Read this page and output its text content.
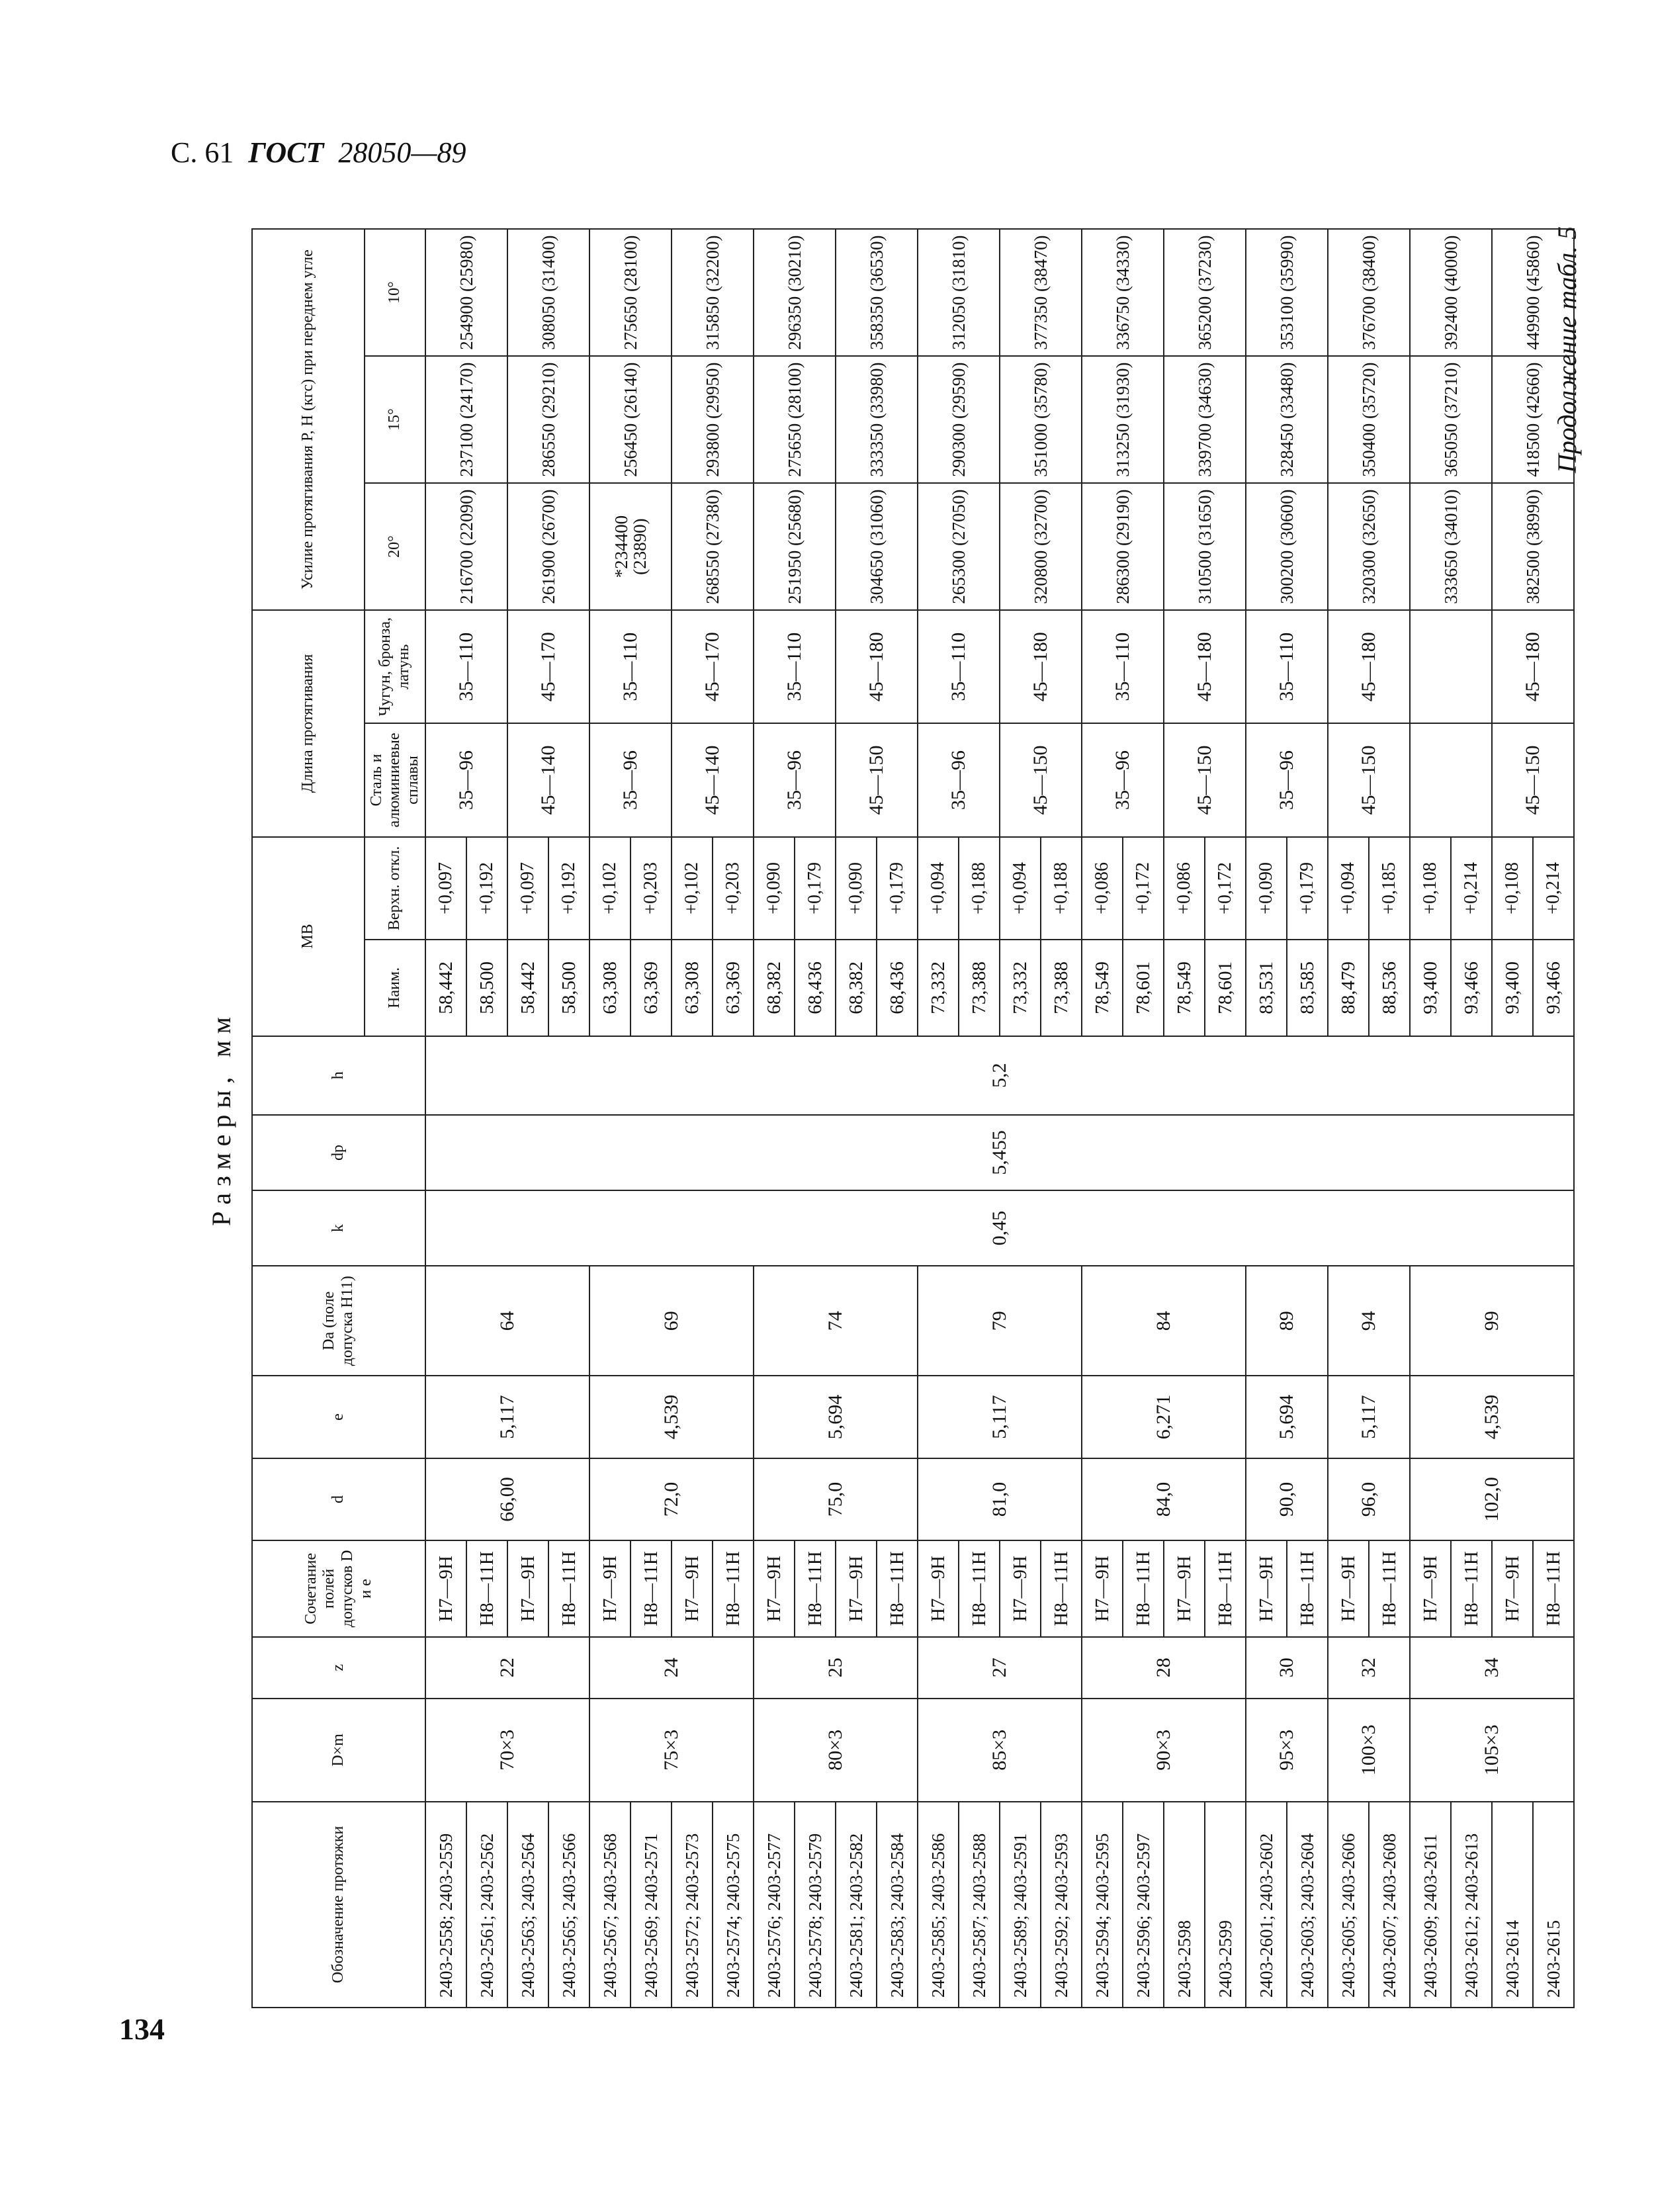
С. 61 ГОСТ 28050—89
Продолжение табл. 5
134
Размеры, мм
Обозначение протяжки	D×m	z	Сочетание полей допусков D и e	d	e	Da (поле допуска H11)	k	dp	h	MB		Длина протягивания		Усилие протягивания P, Н (кгс) при переднем угле		
										Наим.	Верхн. откл.	Сталь и алюминиевые сплавы	Чугун, бронза, латунь	20°	15°	10°
2403-2558; 2403-2559	70×3	22	H7—9H	66,00	5,117	64	0,45	5,455	5,2	58,442	+0,097	35—96	35—110	216700 (22090)	237100 (24170)	254900 (25980)
2403-2561; 2403-2562			H8—11H							58,500	+0,192					
2403-2563; 2403-2564			H7—9H							58,442	+0,097	45—140	45—170	261900 (26700)	286550 (29210)	308050 (31400)
2403-2565; 2403-2566			H8—11H							58,500	+0,192					
2403-2567; 2403-2568	75×3	24	H7—9H	72,0	4,539	69				63,308	+0,102	35—96	35—110	*234400 (23890)	256450 (26140)	275650 (28100)
2403-2569; 2403-2571			H8—11H							63,369	+0,203					
2403-2572; 2403-2573			H7—9H							63,308	+0,102	45—140	45—170	268550 (27380)	293800 (29950)	315850 (32200)
2403-2574; 2403-2575			H8—11H							63,369	+0,203					
2403-2576; 2403-2577	80×3	25	H7—9H	75,0	5,694	74				68,382	+0,090	35—96	35—110	251950 (25680)	275650 (28100)	296350 (30210)
2403-2578; 2403-2579			H8—11H							68,436	+0,179					
2403-2581; 2403-2582			H7—9H							68,382	+0,090	45—150	45—180	304650 (31060)	333350 (33980)	358350 (36530)
2403-2583; 2403-2584			H8—11H							68,436	+0,179					
2403-2585; 2403-2586	85×3	27	H7—9H	81,0	5,117	79				73,332	+0,094	35—96	35—110	265300 (27050)	290300 (29590)	312050 (31810)
2403-2587; 2403-2588			H8—11H							73,388	+0,188					
2403-2589; 2403-2591			H7—9H							73,332	+0,094	45—150	45—180	320800 (32700)	351000 (35780)	377350 (38470)
2403-2592; 2403-2593			H8—11H							73,388	+0,188					
2403-2594; 2403-2595	90×3	28	H7—9H	84,0	6,271	84				78,549	+0,086	35—96	35—110	286300 (29190)	313250 (31930)	336750 (34330)
2403-2596; 2403-2597			H8—11H							78,601	+0,172					
2403-2598			H7—9H							78,549	+0,086	45—150	45—180	310500 (31650)	339700 (34630)	365200 (37230)
2403-2599			H8—11H							78,601	+0,172					
2403-2601; 2403-2602	95×3	30	H7—9H	90,0	5,694	89				83,531	+0,090	35—96	35—110	300200 (30600)	328450 (33480)	353100 (35990)
2403-2603; 2403-2604			H8—11H							83,585	+0,179					
2403-2605; 2403-2606	100×3	32	H7—9H	96,0	5,117	94				88,479	+0,094	45—150	45—180	320300 (32650)	350400 (35720)	376700 (38400)
2403-2607; 2403-2608			H8—11H							88,536	+0,185					
2403-2609; 2403-2611	105×3	34	H7—9H	102,0	4,539	99				93,400	+0,108			333650 (34010)	365050 (37210)	392400 (40000)
2403-2612; 2403-2613			H8—11H							93,466	+0,214					
2403-2614			H7—9H							93,400	+0,108	45—150	45—180	382500 (38990)	418500 (42660)	449900 (45860)
2403-2615			H8—11H							93,466	+0,214					
